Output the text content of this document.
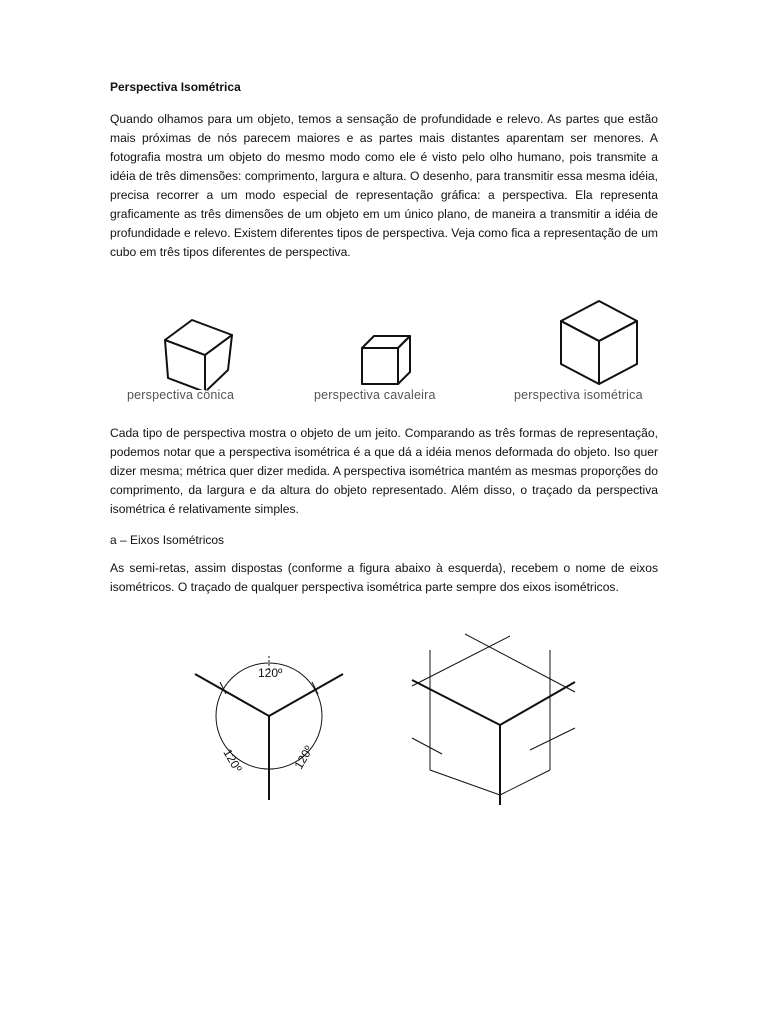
Perspectiva Isométrica

Quando olhamos para um objeto, temos a sensação de profundidade e relevo. As partes que estão mais próximas de nós parecem maiores e as partes mais distantes aparentam ser menores. A fotografia mostra um objeto do mesmo modo como ele é visto pelo olho humano, pois transmite a idéia de três dimensões: comprimento, largura e altura. O desenho, para transmitir essa mesma idéia, precisa recorrer a um modo especial de representação gráfica: a perspectiva. Ela representa graficamente as três dimensões de um objeto em um único plano, de maneira a transmitir a idéia de profundidade e relevo. Existem diferentes tipos de perspectiva. Veja como fica a representação de um cubo em três tipos diferentes de perspectiva.

perspectiva cônica	perspectiva cavaleira	perspectiva isométrica

Cada tipo de perspectiva mostra o objeto de um jeito. Comparando as três formas de representação, podemos notar que a perspectiva isométrica é a que dá a idéia menos deformada do objeto. Iso quer dizer mesma; métrica quer dizer medida. A perspectiva isométrica mantém as mesmas proporções do comprimento, da largura e da altura do objeto representado. Além disso, o traçado da perspectiva isométrica é relativamente simples.

a – Eixos Isométricos

As semi-retas, assim dispostas (conforme a figura abaixo à esquerda), recebem o nome de eixos isométricos. O traçado de qualquer perspectiva isométrica parte sempre dos eixos isométricos.

120º
120º	120º
